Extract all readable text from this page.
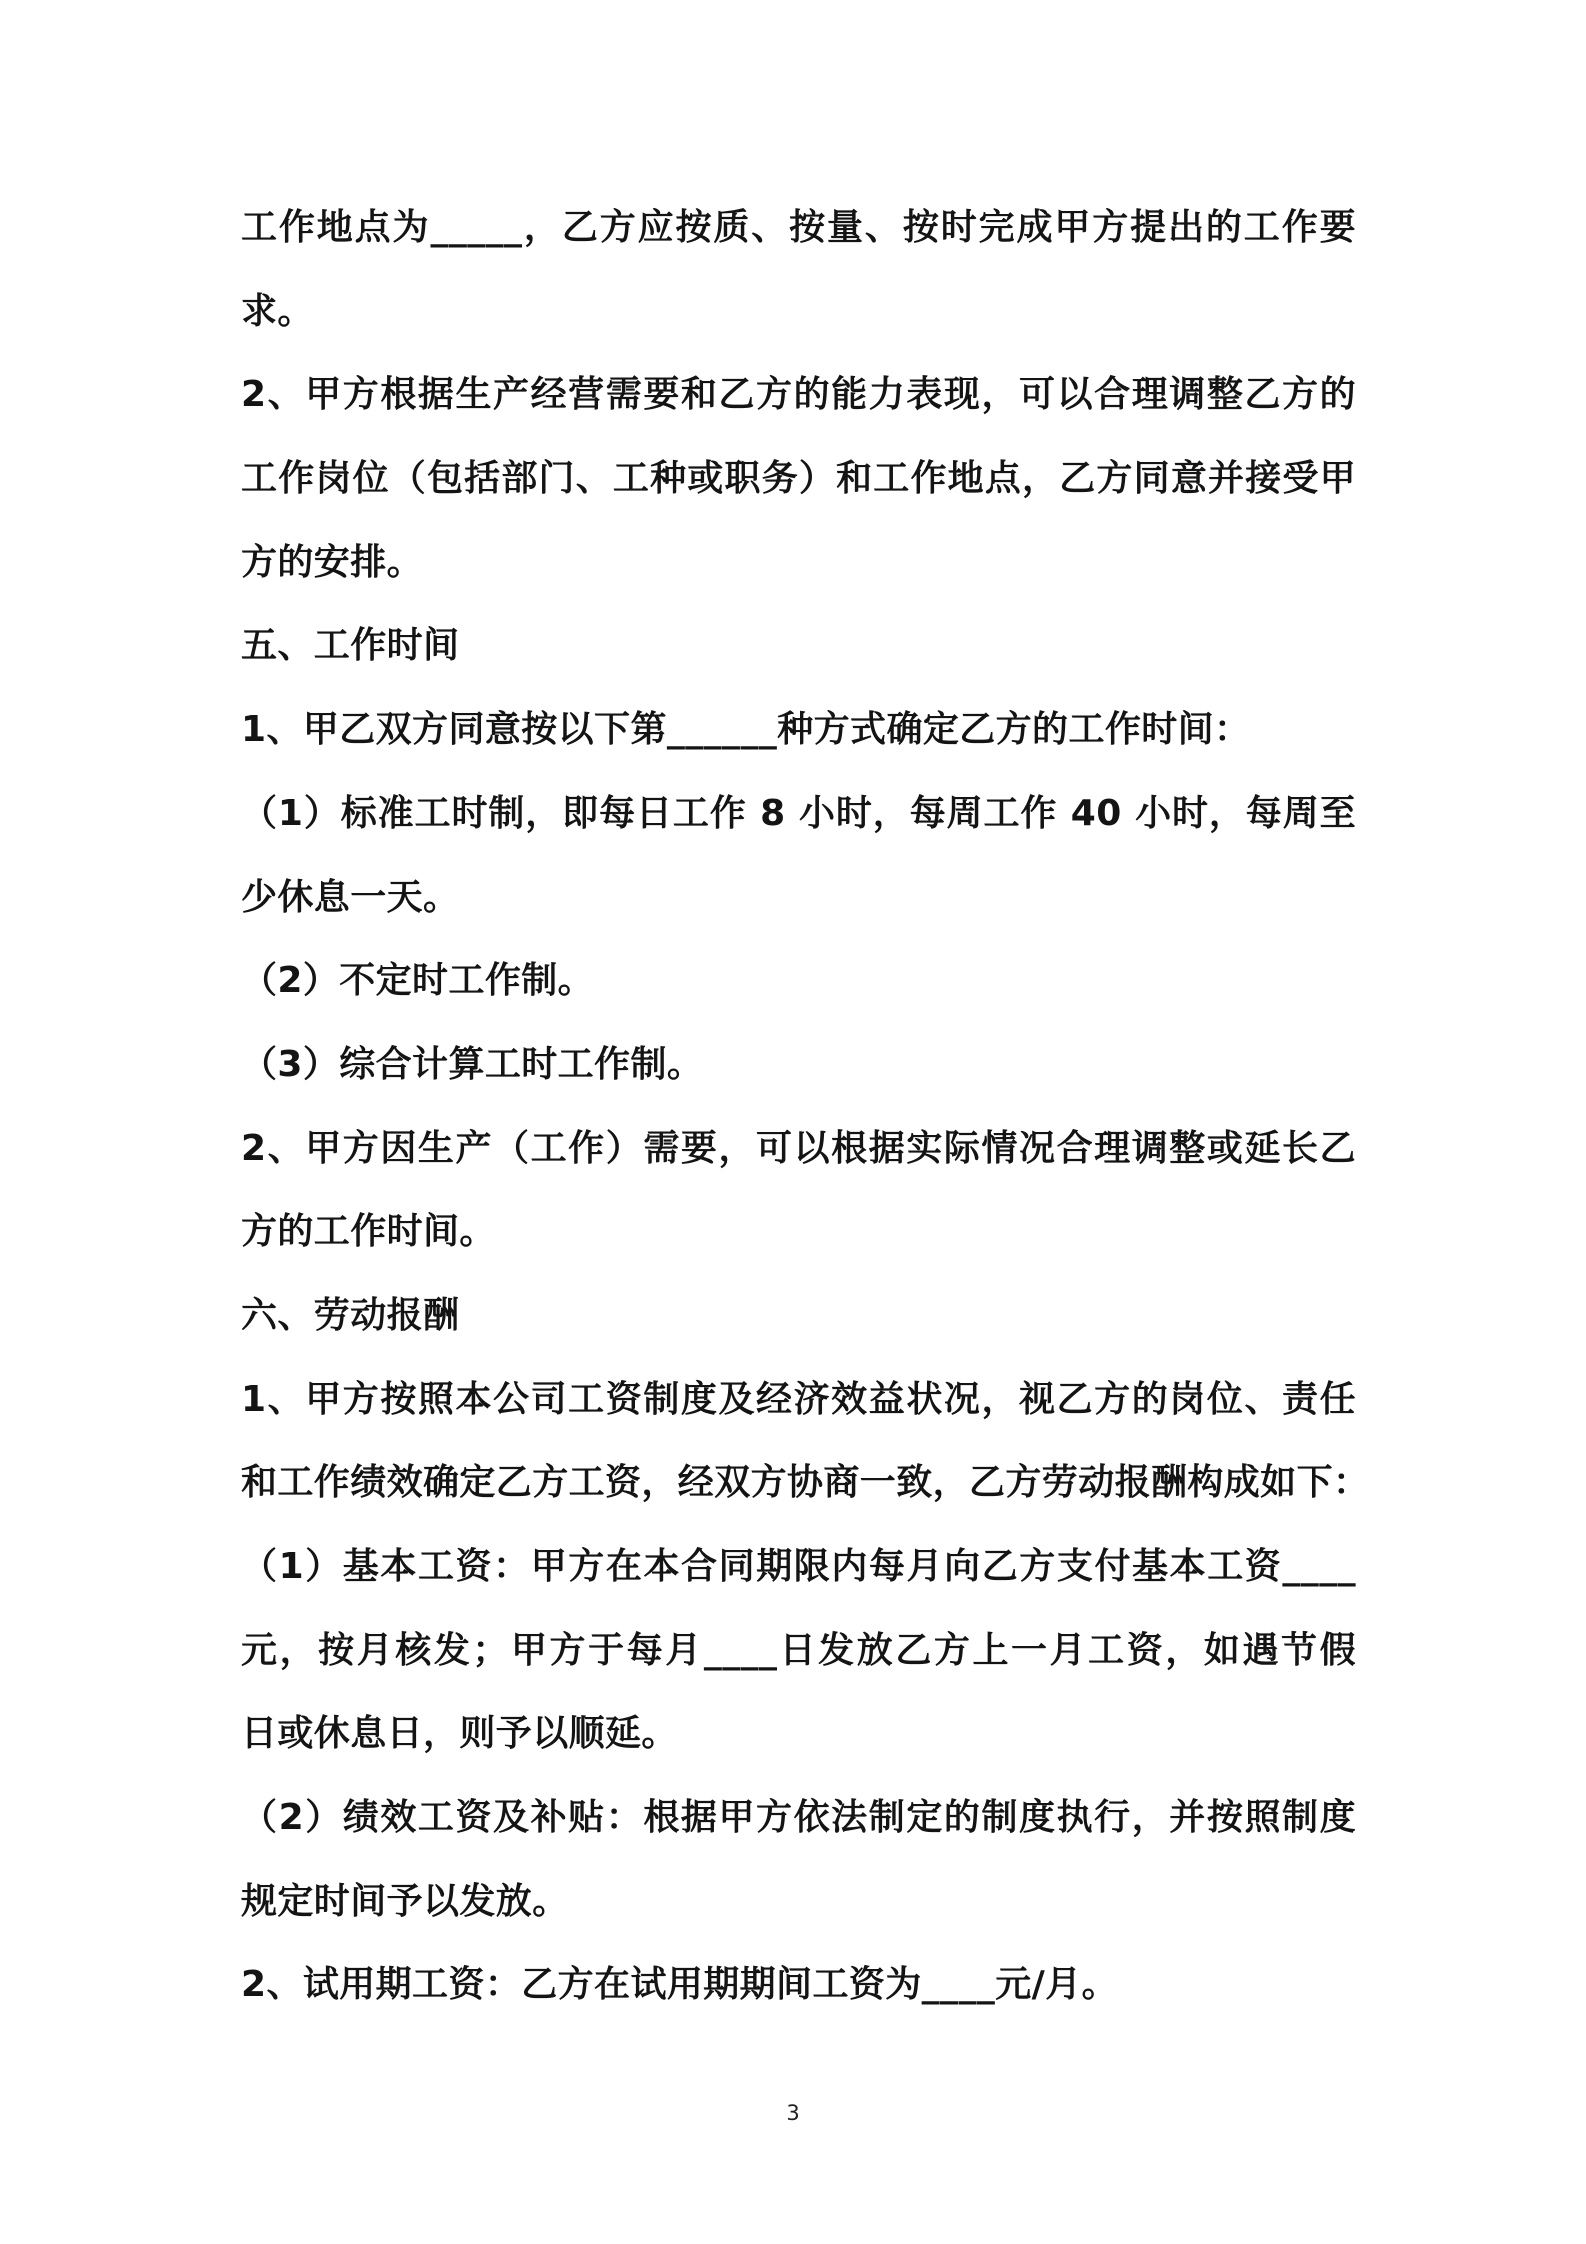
工作地点为_____，乙方应按质、按量、按时完成甲方提出的工作要
求。
2、甲方根据生产经营需要和乙方的能力表现，可以合理调整乙方的
工作岗位（包括部门、工种或职务）和工作地点，乙方同意并接受甲
方的安排。
五、工作时间
1、甲乙双方同意按以下第______种方式确定乙方的工作时间：
（1）标准工时制，即每日工作 8 小时，每周工作 40 小时，每周至
少休息一天。
（2）不定时工作制。
（3）综合计算工时工作制。
2、甲方因生产（工作）需要，可以根据实际情况合理调整或延长乙
方的工作时间。
六、劳动报酬
1、甲方按照本公司工资制度及经济效益状况，视乙方的岗位、责任
和工作绩效确定乙方工资，经双方协商一致，乙方劳动报酬构成如下：
（1）基本工资：甲方在本合同期限内每月向乙方支付基本工资____
元，按月核发；甲方于每月____日发放乙方上一月工资，如遇节假
日或休息日，则予以顺延。
（2）绩效工资及补贴：根据甲方依法制定的制度执行，并按照制度
规定时间予以发放。
2、试用期工资：乙方在试用期期间工资为____元/月。
3
